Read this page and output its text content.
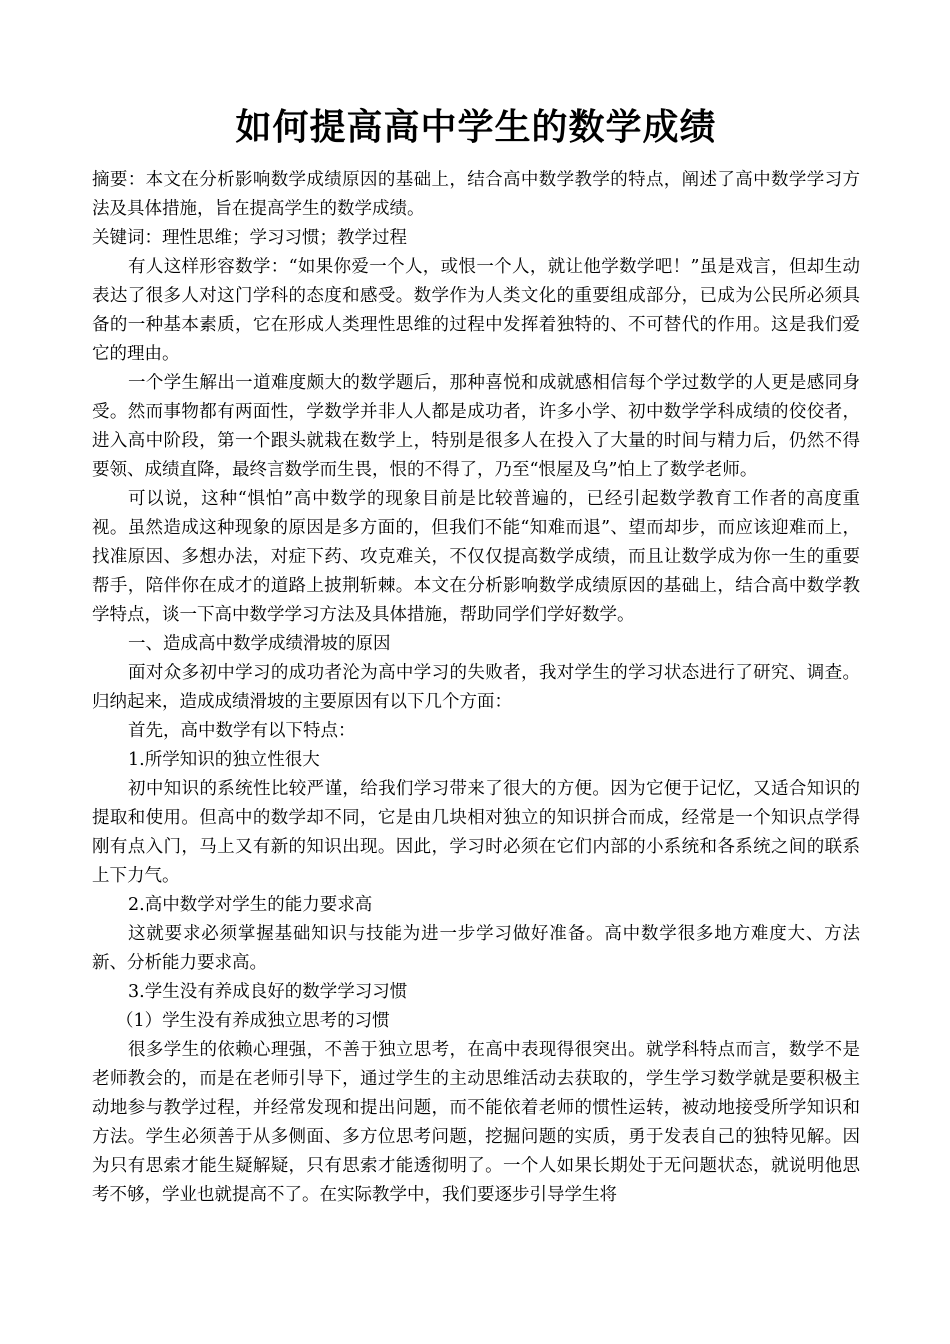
如何提高高中学生的数学成绩

摘要：本文在分析影响数学成绩原因的基础上，结合高中数学教学的特点，阐述了高中数学学习方法及具体措施，旨在提高学生的数学成绩。

关键词：理性思维；学习习惯；教学过程

有人这样形容数学：“如果你爱一个人，或恨一个人，就让他学数学吧！”虽是戏言，但却生动表达了很多人对这门学科的态度和感受。数学作为人类文化的重要组成部分，已成为公民所必须具备的一种基本素质，它在形成人类理性思维的过程中发挥着独特的、不可替代的作用。这是我们爱它的理由。

一个学生解出一道难度颇大的数学题后，那种喜悦和成就感相信每个学过数学的人更是感同身受。然而事物都有两面性，学数学并非人人都是成功者，许多小学、初中数学学科成绩的佼佼者，进入高中阶段，第一个跟头就栽在数学上，特别是很多人在投入了大量的时间与精力后，仍然不得要领、成绩直降，最终言数学而生畏，恨的不得了，乃至“恨屋及乌”怕上了数学老师。

可以说，这种“惧怕”高中数学的现象目前是比较普遍的，已经引起数学教育工作者的高度重视。虽然造成这种现象的原因是多方面的，但我们不能“知难而退”、望而却步，而应该迎难而上，找准原因、多想办法，对症下药、攻克难关，不仅仅提高数学成绩，而且让数学成为你一生的重要帮手，陪伴你在成才的道路上披荆斩棘。本文在分析影响数学成绩原因的基础上，结合高中数学教学特点，谈一下高中数学学习方法及具体措施，帮助同学们学好数学。

一、造成高中数学成绩滑坡的原因

面对众多初中学习的成功者沦为高中学习的失败者，我对学生的学习状态进行了研究、调查。归纳起来，造成成绩滑坡的主要原因有以下几个方面：

首先，高中数学有以下特点：

1.所学知识的独立性很大

初中知识的系统性比较严谨，给我们学习带来了很大的方便。因为它便于记忆，又适合知识的提取和使用。但高中的数学却不同，它是由几块相对独立的知识拼合而成，经常是一个知识点学得刚有点入门，马上又有新的知识出现。因此，学习时必须在它们内部的小系统和各系统之间的联系上下力气。

2.高中数学对学生的能力要求高

这就要求必须掌握基础知识与技能为进一步学习做好准备。高中数学很多地方难度大、方法新、分析能力要求高。

3.学生没有养成良好的数学学习习惯

（1）学生没有养成独立思考的习惯

很多学生的依赖心理强，不善于独立思考，在高中表现得很突出。就学科特点而言，数学不是老师教会的，而是在老师引导下，通过学生的主动思维活动去获取的，学生学习数学就是要积极主动地参与教学过程，并经常发现和提出问题，而不能依着老师的惯性运转，被动地接受所学知识和方法。学生必须善于从多侧面、多方位思考问题，挖掘问题的实质，勇于发表自己的独特见解。因为只有思索才能生疑解疑，只有思索才能透彻明了。一个人如果长期处于无问题状态，就说明他思考不够，学业也就提高不了。在实际教学中，我们要逐步引导学生将
